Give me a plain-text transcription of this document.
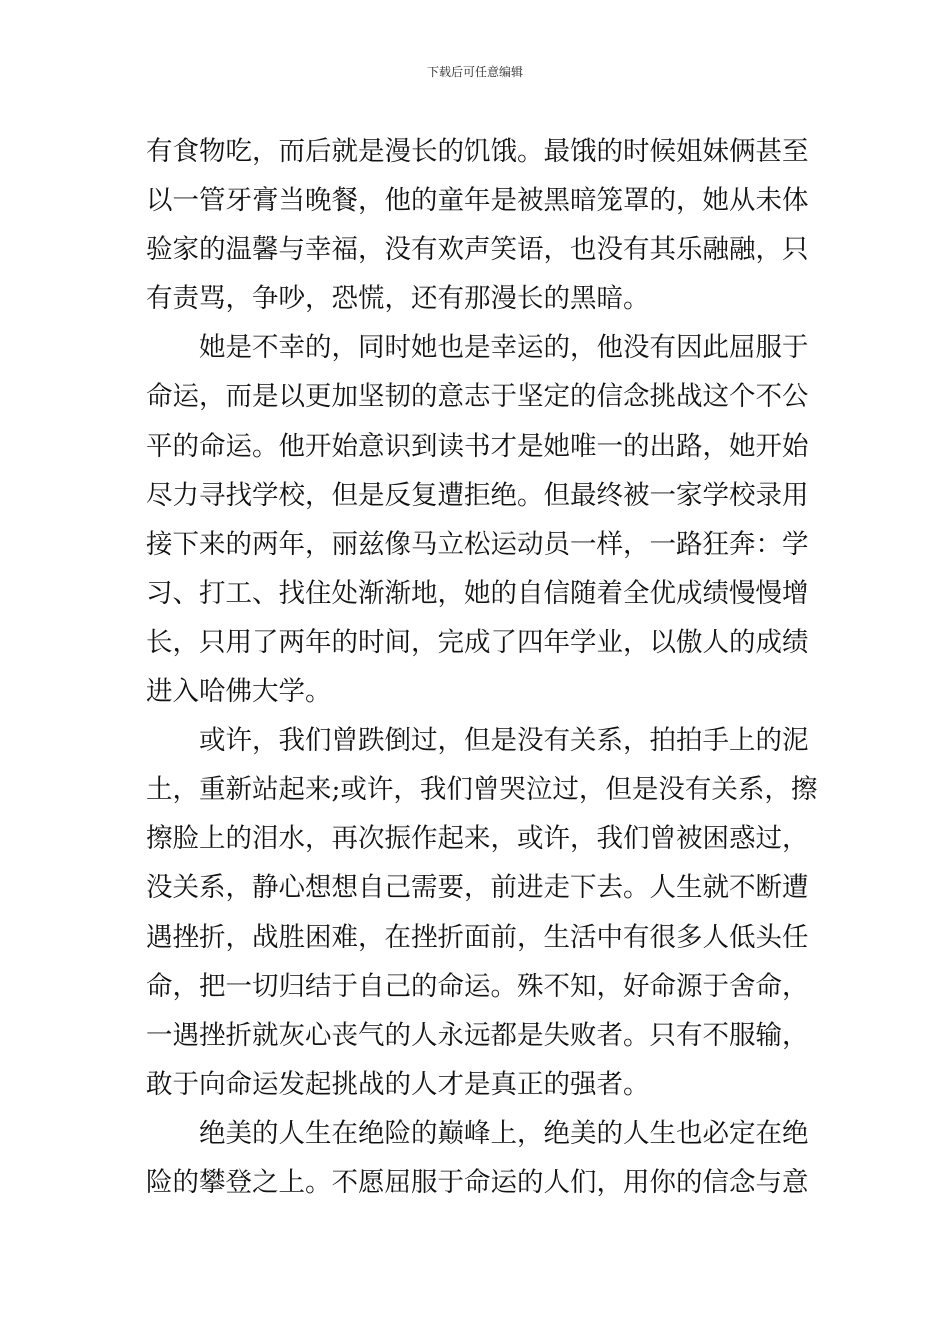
下载后可任意编辑

有食物吃，而后就是漫长的饥饿。最饿的时候姐妹俩甚至
以一管牙膏当晚餐，他的童年是被黑暗笼罩的，她从未体
验家的温馨与幸福，没有欢声笑语，也没有其乐融融，只
有责骂，争吵，恐慌，还有那漫长的黑暗。

她是不幸的，同时她也是幸运的，他没有因此屈服于
命运，而是以更加坚韧的意志于坚定的信念挑战这个不公
平的命运。他开始意识到读书才是她唯一的出路，她开始
尽力寻找学校，但是反复遭拒绝。但最终被一家学校录用
接下来的两年，丽兹像马立松运动员一样，一路狂奔：学
习、打工、找住处渐渐地，她的自信随着全优成绩慢慢增
长，只用了两年的时间，完成了四年学业，以傲人的成绩
进入哈佛大学。

或许，我们曾跌倒过，但是没有关系，拍拍手上的泥
土，重新站起来;或许，我们曾哭泣过，但是没有关系，擦
擦脸上的泪水，再次振作起来，或许，我们曾被困惑过，
没关系，静心想想自己需要，前进走下去。人生就不断遭
遇挫折，战胜困难，在挫折面前，生活中有很多人低头任
命，把一切归结于自己的命运。殊不知，好命源于舍命，
一遇挫折就灰心丧气的人永远都是失败者。只有不服输，
敢于向命运发起挑战的人才是真正的强者。

绝美的人生在绝险的巅峰上，绝美的人生也必定在绝
险的攀登之上。不愿屈服于命运的人们，用你的信念与意
